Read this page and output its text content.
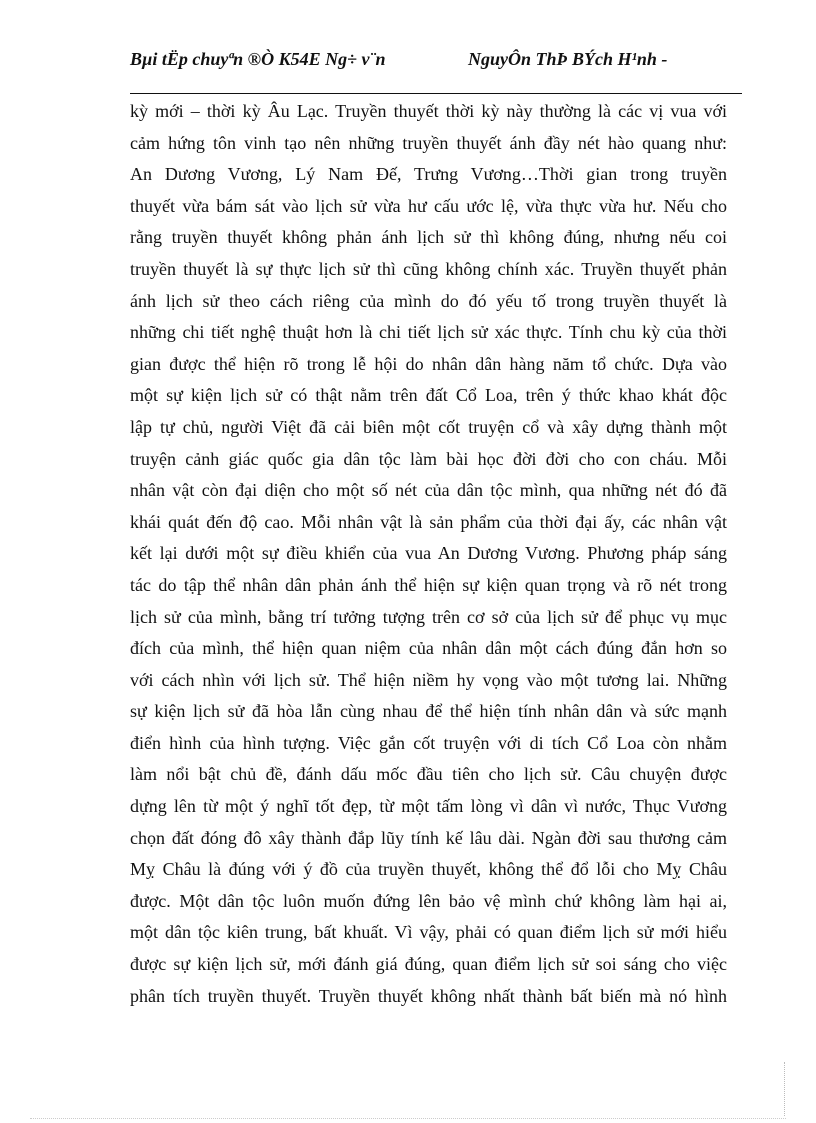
Bµi tËp chuyªn ®Ò K54E Ng÷ v¨n	NguyÔn ThÞ BÝch H¹nh -
kỳ mới – thời kỳ Âu Lạc. Truyền thuyết thời kỳ này thường là các vị vua với
cảm hứng tôn vinh tạo nên những truyền thuyết ánh đầy nét hào quang như:
An Dương Vương, Lý Nam Đế, Trưng Vương…Thời gian trong truyền
thuyết vừa bám sát vào lịch sử vừa hư cấu ước lệ, vừa thực vừa hư. Nếu cho
rằng truyền thuyết không phản ánh lịch sử thì không đúng, nhưng nếu coi
truyền thuyết là sự thực lịch sử thì cũng không chính xác. Truyền thuyết phản
ánh lịch sử theo cách riêng của mình do đó yếu tố trong truyền thuyết là
những chi tiết nghệ thuật hơn là chi tiết lịch sử xác thực. Tính chu kỳ của thời
gian được thể hiện rõ trong lễ hội do nhân dân hàng năm tổ chức. Dựa vào
một sự kiện lịch sử có thật nằm trên đất Cổ Loa, trên ý thức khao khát độc
lập tự chủ, người Việt đã cải biên một cốt truyện cổ và xây dựng thành một
truyện cảnh giác quốc gia dân tộc làm bài học đời đời cho con cháu. Mỗi
nhân vật còn đại diện cho một số nét của dân tộc mình, qua những nét đó đã
khái quát đến độ cao. Mỗi nhân vật là sản phẩm của thời đại ấy, các nhân vật
kết lại dưới một sự điều khiển của vua An Dương Vương. Phương pháp sáng
tác do tập thể nhân dân phản ánh thể hiện sự kiện quan trọng và rõ nét trong
lịch sử của mình, bằng trí tưởng tượng trên cơ sở của lịch sử để phục vụ mục
đích của mình, thể hiện quan niệm của nhân dân một cách đúng đắn hơn so
với cách nhìn với lịch sử. Thể hiện niềm hy vọng vào một tương lai. Những
sự kiện lịch sử đã hòa lẫn cùng nhau để thể hiện tính nhân dân và sức mạnh
điển hình của hình tượng. Việc gắn cốt truyện với di tích Cổ Loa còn nhằm
làm nổi bật chủ đề, đánh dấu mốc đầu tiên cho lịch sử. Câu chuyện được
dựng lên từ một ý nghĩ tốt đẹp, từ một tấm lòng vì dân vì nước, Thục Vương
chọn đất đóng đô xây thành đắp lũy tính kế lâu dài. Ngàn đời sau thương cảm
Mỵ Châu là đúng với ý đồ của truyền thuyết, không thể đổ lỗi cho Mỵ Châu
được. Một dân tộc luôn muốn đứng lên bảo vệ mình chứ không làm hại ai,
một dân tộc kiên trung, bất khuất. Vì vậy, phải có quan điểm lịch sử mới hiểu
được sự kiện lịch sử, mới đánh giá đúng, quan điểm lịch sử soi sáng cho việc
phân tích truyền thuyết. Truyền thuyết không nhất thành bất biến mà nó hình
